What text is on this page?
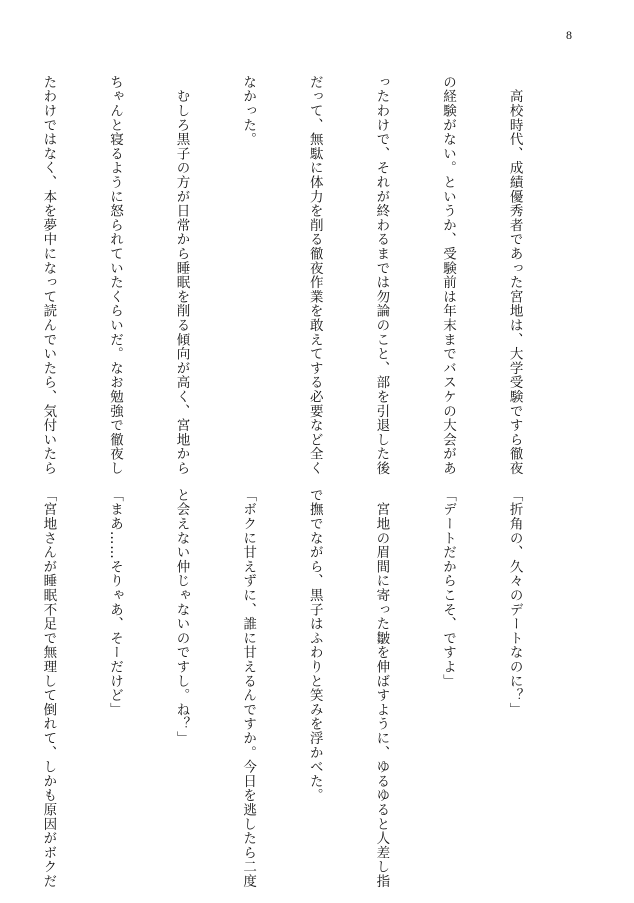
8

　高校時代、成績優秀者であった宮地は、大学受験ですら徹夜

の経験がない。というか、受験前は年末までバスケの大会があ

ったわけで、それが終わるまでは勿論のこと、部を引退した後

だって、無駄に体力を削る徹夜作業を敢えてする必要など全く

なかった。

　むしろ黒子の方が日常から睡眠を削る傾向が高く、宮地から

ちゃんと寝るように怒られていたくらいだ。なお勉強で徹夜し

たわけではなく、本を夢中になって読んでいたら、気付いたら

「折角の、久々のデートなのに？」

「デートだからこそ、ですよ」

　宮地の眉間に寄った皺を伸ばすように、ゆるゆると人差し指

で撫でながら、黒子はふわりと笑みを浮かべた。

「ボクに甘えずに、誰に甘えるんですか。今日を逃したら二度

と会えない仲じゃないのですし。ね？」

「まあ……そりゃあ、そーだけど」

「宮地さんが睡眠不足で無理して倒れて、しかも原因がボクだ
